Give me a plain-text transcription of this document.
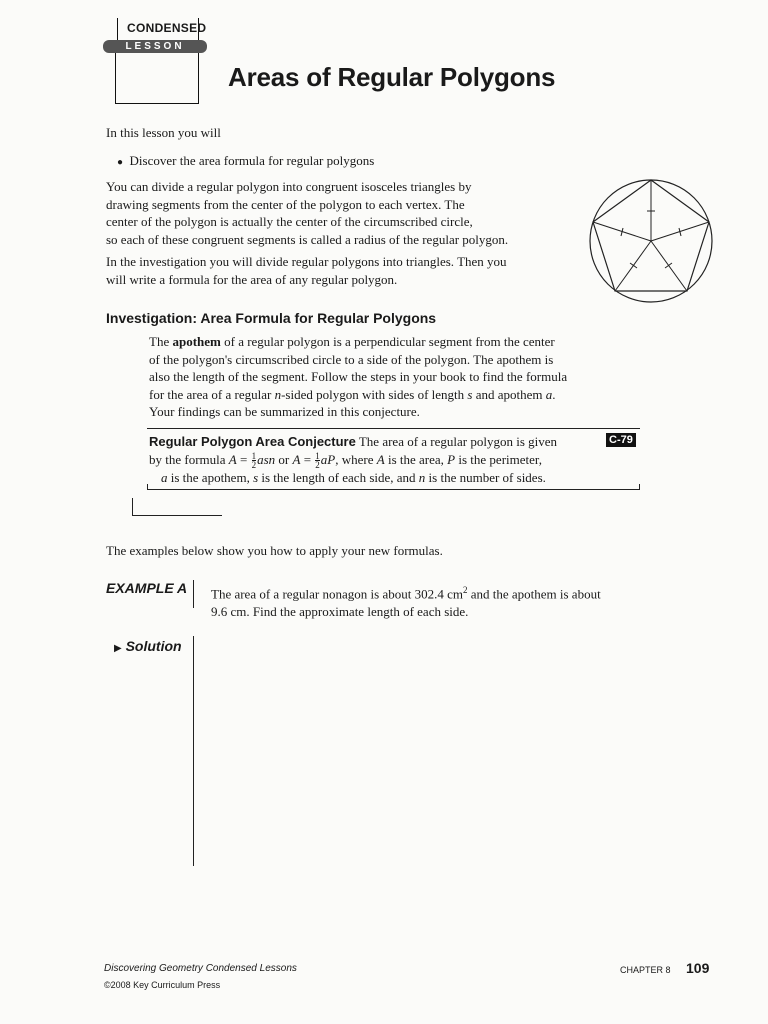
CONDENSED
LESSON
Areas of Regular Polygons
In this lesson you will
● Discover the area formula for regular polygons
You can divide a regular polygon into congruent isosceles triangles by
drawing segments from the center of the polygon to each vertex. The
center of the polygon is actually the center of the circumscribed circle,
so each of these congruent segments is called a radius of the regular polygon.
In the investigation you will divide regular polygons into triangles. Then you
will write a formula for the area of any regular polygon.
Investigation: Area Formula for Regular Polygons
The apothem of a regular polygon is a perpendicular segment from the center
of the polygon's circumscribed circle to a side of the polygon. The apothem is
also the length of the segment. Follow the steps in your book to find the formula
for the area of a regular n-sided polygon with sides of length s and apothem a.
Your findings can be summarized in this conjecture.
Regular Polygon Area Conjecture The area of a regular polygon is given
by the formula $A = \frac{1}{2}$ asn or $A = \frac{1}{2}$ aP, where A is the area, P is the perimeter,
a is the apothem, s is the length of each side, and n is the number of sides.
C-79
The examples below show you how to apply your new formulas.
EXAMPLE A The area of a regular nonagon is about 302.4 $cm^2$ and the apothem is about
9.6 cm. Find the approximate length of each side.
▶ Solution
Discovering Geometry Condensed Lessons
©2008 Key Curriculum Press
CHAPTER 8 109
